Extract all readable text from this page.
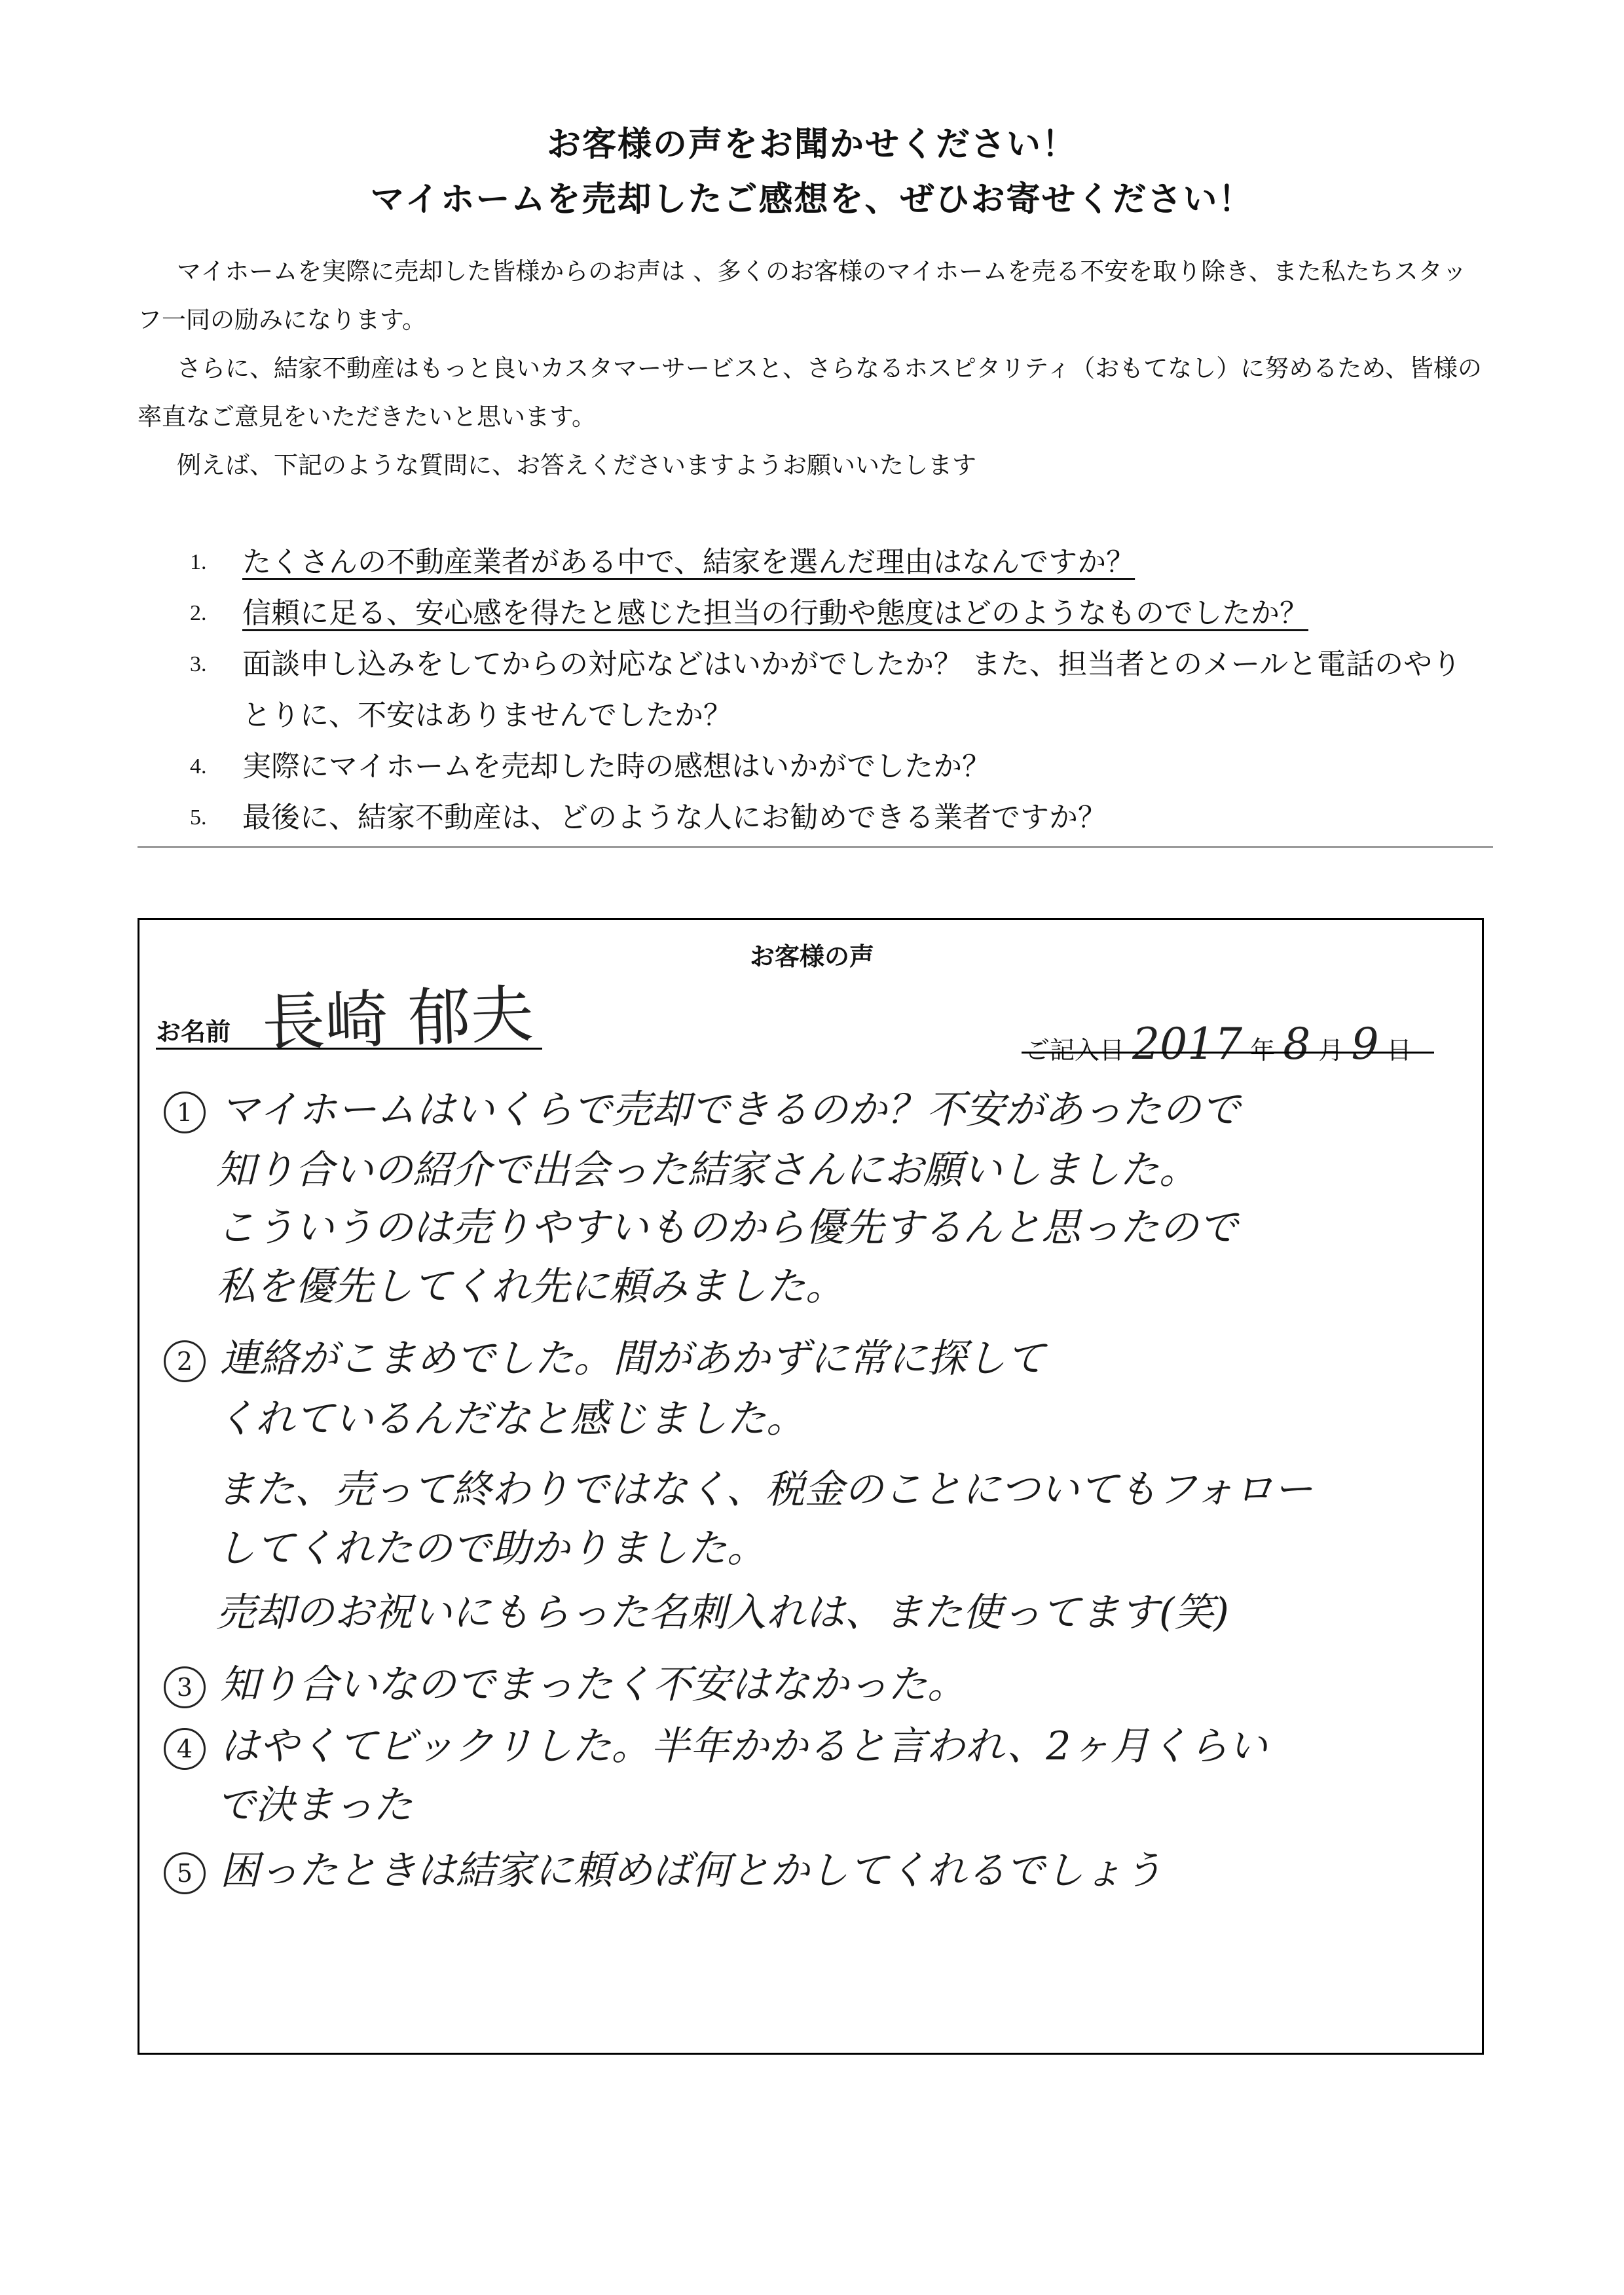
お客様の声をお聞かせください！
マイホームを売却したご感想を、ぜひお寄せください！
マイホームを実際に売却した皆様からのお声は 、多くのお客様のマイホームを売る不安を取り除き、また私たちスタッフ一同の励みになります。
さらに、結家不動産はもっと良いカスタマーサービスと、さらなるホスピタリティ（おもてなし）に努めるため、皆様の率直なご意見をいただきたいと思います。
例えば、下記のような質問に、お答えくださいますようお願いいたします
1. たくさんの不動産業者がある中で、結家を選んだ理由はなんですか？
2. 信頼に足る、安心感を得たと感じた担当の行動や態度はどのようなものでしたか？
3. 面談申し込みをしてからの対応などはいかがでしたか？ また、担当者とのメールと電話のやりとりに、不安はありませんでしたか？
4. 実際にマイホームを売却した時の感想はいかがでしたか？
5. 最後に、結家不動産は、どのような人にお勧めできる業者ですか？
お客様の声
お名前 長崎 郁夫	ご記入日 2017 年 8 月 9 日
1 マイホームはいくらで売却できるのか？不安があったので
知り合いの紹介で出会った結家さんにお願いしました。
こういうのは売りやすいものから優先するんと思ったので
私を優先してくれ先に頼みました。
2 連絡がこまめでした。間があかずに常に探して
くれているんだなと感じました。
また、売って終わりではなく、税金のことについてもフォロー
してくれたので助かりました。
売却のお祝いにもらった名刺入れは、また使ってます(笑)
3 知り合いなのでまったく不安はなかった。
4 はやくてビックリした。半年かかると言われ、2ヶ月くらい
で決まった
5 困ったときは結家に頼めば何とかしてくれるでしょう
